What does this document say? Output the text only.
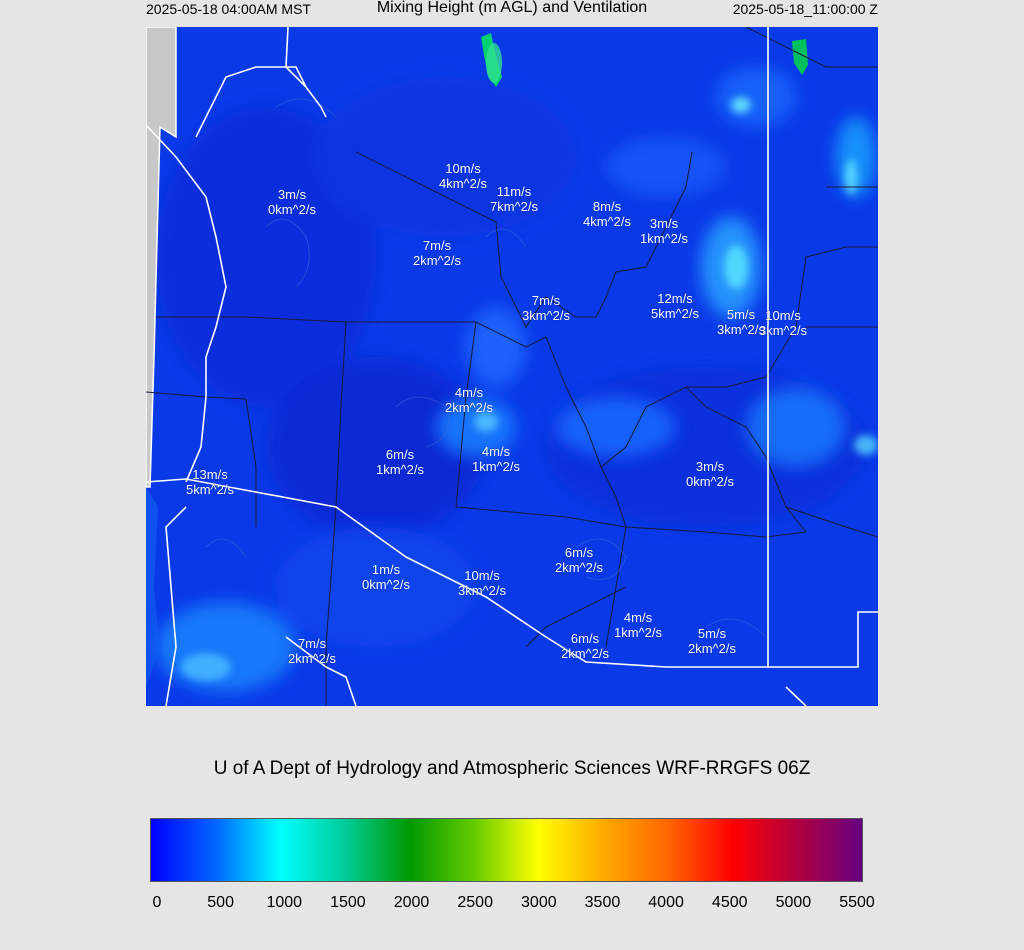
2025-05-18 04:00AM MST	Mixing Height (m AGL) and Ventilation	2025-05-18_11:00:00 Z
3m/s
0km^2/s
10m/s
4km^2/s
11m/s
7km^2/s	8m/s
4km^2/s	3m/s
1km^2/s
7m/s
2km^2/s
7m/s
3km^2/s
12m/s
5km^2/s	5m/s
3km^2/s
10m/s
3km^2/s
4m/s
2km^2/s
6m/s
1km^2/s
4m/s
1km^2/s	3m/s
0km^2/s
13m/s
5km^2/s
6m/s
2km^2/s
1m/s
0km^2/s
10m/s
3km^2/s
4m/s
1km^2/s
6m/s
2km^2/s
5m/s
2km^2/s
7m/s
2km^2/s
U of A Dept of Hydrology and Atmospheric Sciences WRF-RRGFS 06Z
0	500 1000 1500 2000 2500 3000 3500 4000 4500 5000 5500
